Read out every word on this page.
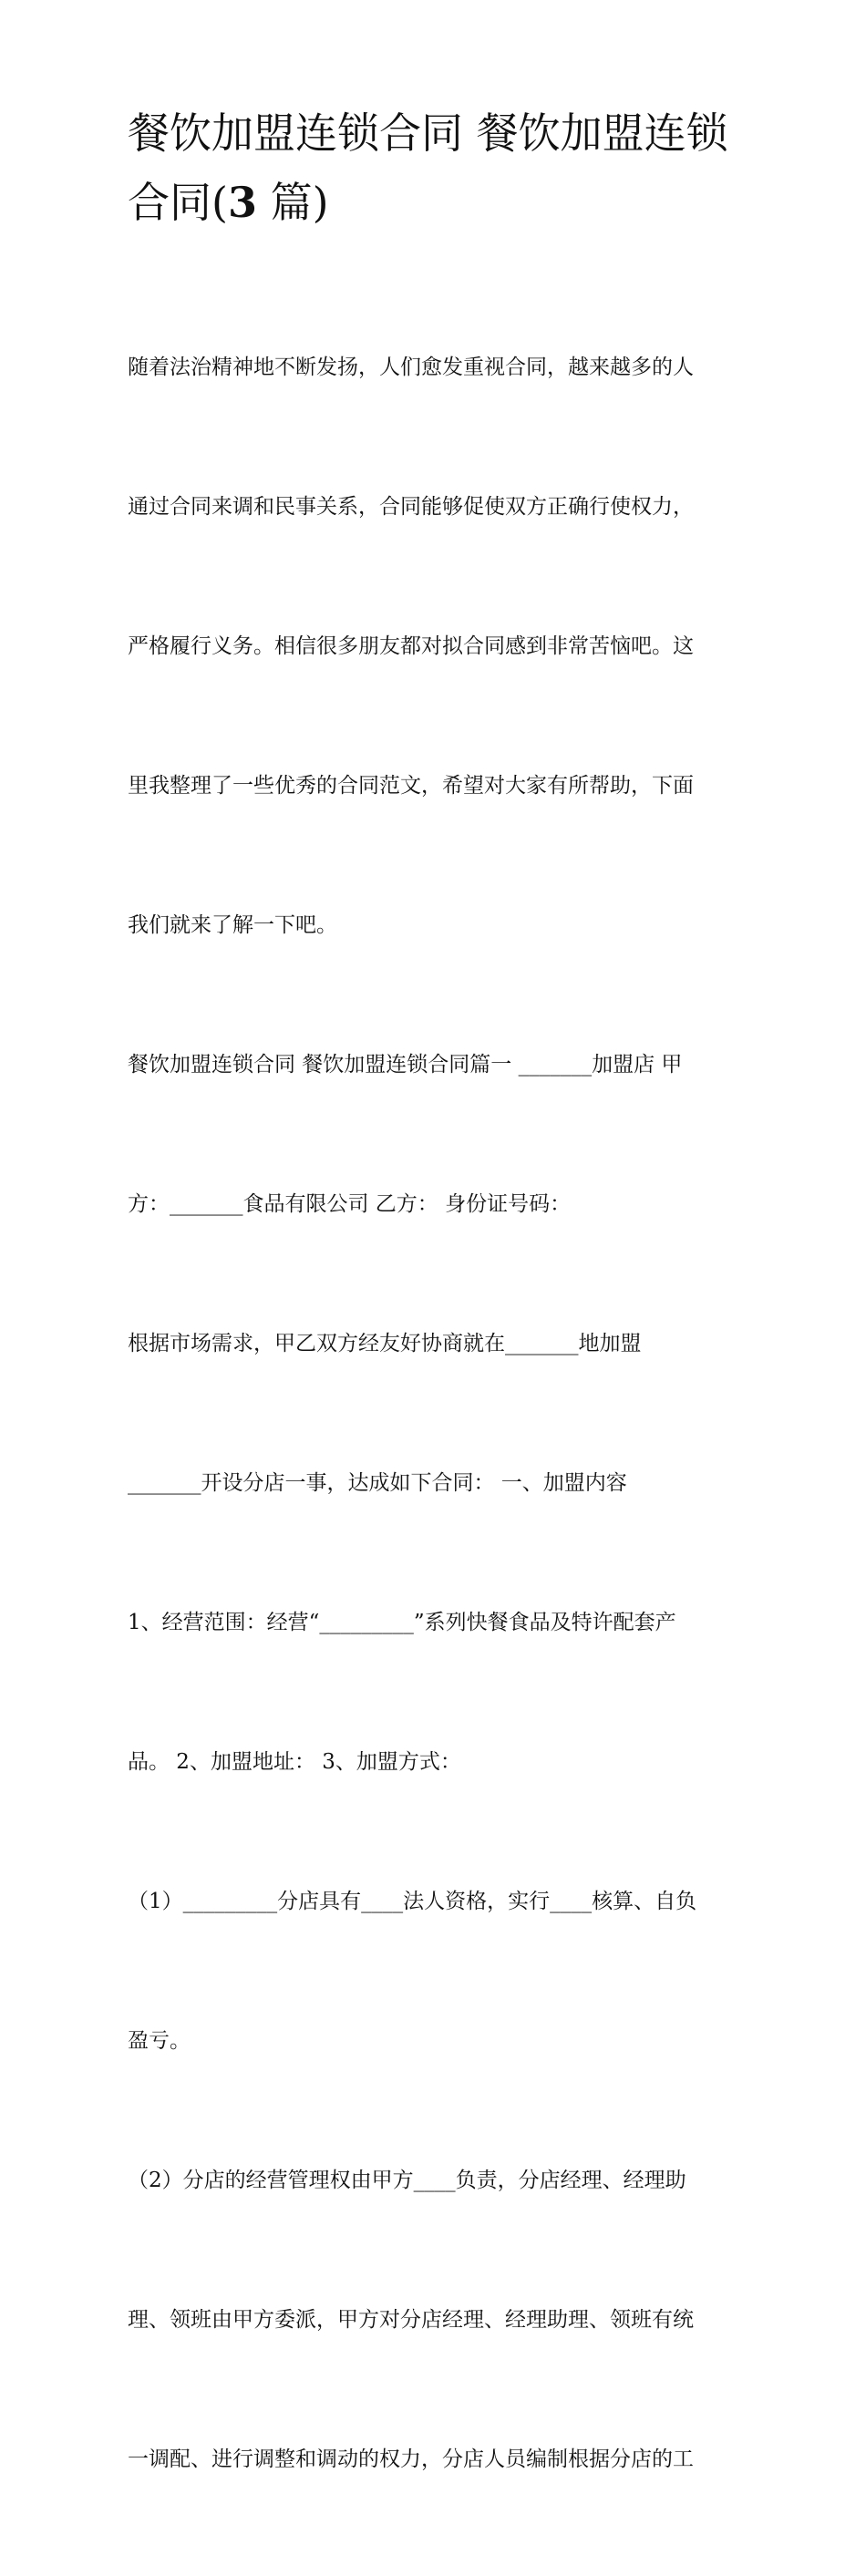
餐饮加盟连锁合同 餐饮加盟连锁合同(3 篇)

随着法治精神地不断发扬，人们愈发重视合同，越来越多的人

通过合同来调和民事关系，合同能够促使双方正确行使权力，

严格履行义务。相信很多朋友都对拟合同感到非常苦恼吧。这

里我整理了一些优秀的合同范文，希望对大家有所帮助，下面

我们就来了解一下吧。

餐饮加盟连锁合同 餐饮加盟连锁合同篇一 _______加盟店 甲

方：_______食品有限公司 乙方： 身份证号码：

根据市场需求，甲乙双方经友好协商就在_______地加盟

_______开设分店一事，达成如下合同： 一、加盟内容

1、经营范围：经营“_________”系列快餐食品及特许配套产

品。 2、加盟地址： 3、加盟方式：

（1）_________分店具有____法人资格，实行____核算、自负

盈亏。

（2）分店的经营管理权由甲方____负责，分店经理、经理助

理、领班由甲方委派，甲方对分店经理、经理助理、领班有统

一调配、进行调整和调动的权力，分店人员编制根据分店的工
